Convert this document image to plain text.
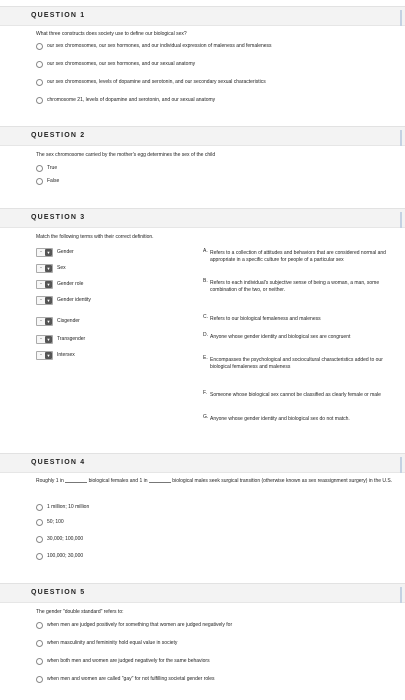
QUESTION 1
What three constructs does society use to define our biological sex?
our sex chromosomes, our sex hormones, and our individual expression of maleness and femaleness
our sex chromosomes, our sex hormones, and our sexual anatomy
our sex chromosomes, levels of dopamine and serotonin, and our secondary sexual characteristics
chromosome 21, levels of dopamine and serotonin, and our sexual anatomy
QUESTION 2
The sex chromosome carried by the mother's egg determines the sex of the child
True
False
QUESTION 3
Match the following terms with their correct definition.
-	▼	Gender
-	▼	Sex
-	▼	Gender role
-	▼	Gender identity
-	▼	Cisgender
-	▼	Transgender
-	▼	Intersex
A. Refers to a collection of attitudes and behaviors that are considered normal and appropriate in a specific culture for people of a particular sex
B. Refers to each individual's subjective sense of being a woman, a man, some combination of the two, or neither.
C. Refers to our biological femaleness and maleness
D. Anyone whose gender identity and biological sex are congruent
E. Encompasses the psychological and sociocultural characteristics added to our biological femaleness and maleness
F. Someone whose biological sex cannot be classified as clearly female or male
G. Anyone whose gender identity and biological sex do not match.
QUESTION 4
Roughly 1 in	biological females and 1 in	biological males seek surgical transition (otherwise known as sex reassignment surgery) in the U.S.
1 million; 10 million
50; 100
30,000; 100,000
100,000; 30,000
QUESTION 5
The gender "double standard" refers to:
when men are judged positively for something that women are judged negatively for
when masculinity and femininity hold equal value in society
when both men and women are judged negatively for the same behaviors
when men and women are called "gay" for not fulfilling societal gender roles
